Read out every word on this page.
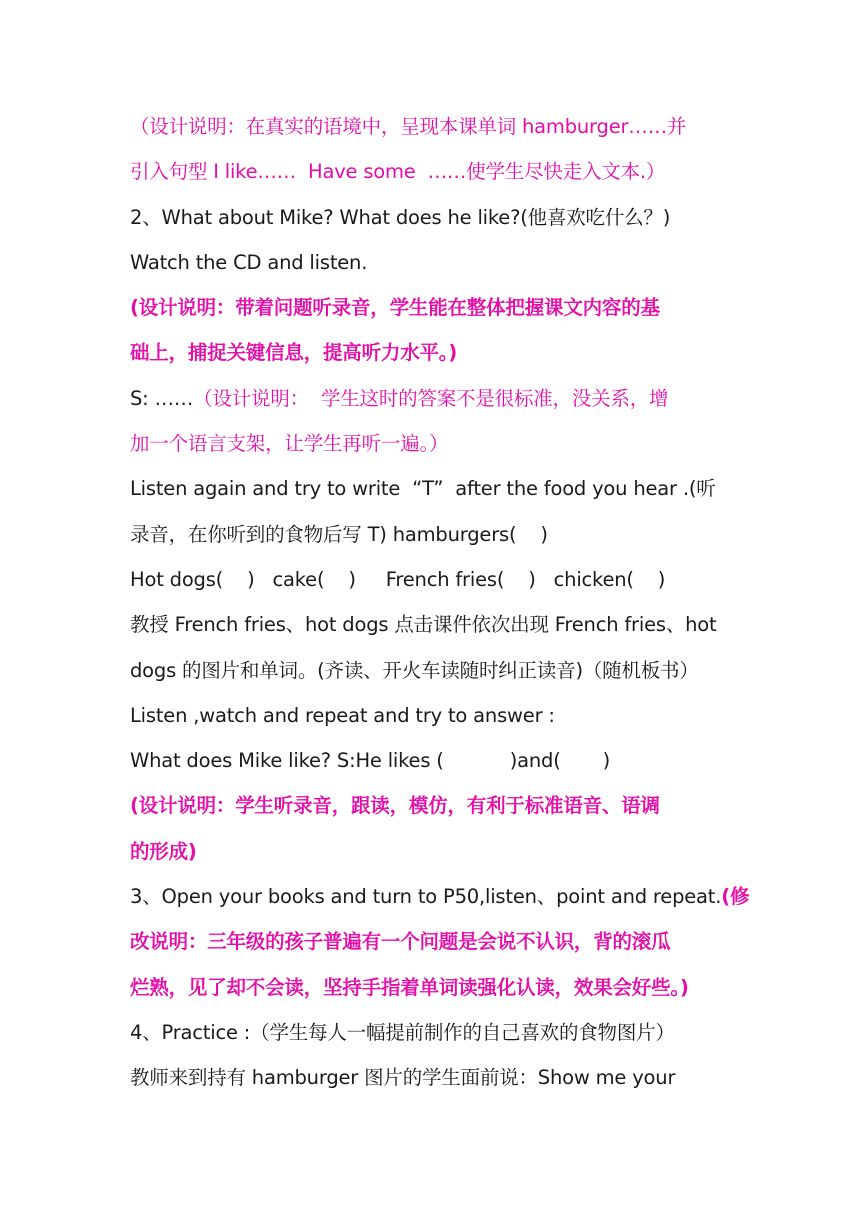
（设计说明：在真实的语境中，呈现本课单词 hamburger……并
引入句型 I like……  Have some  ……使学生尽快走入文本.）
2、What about Mike? What does he like?(他喜欢吃什么？)
Watch the CD and listen.
(设计说明：带着问题听录音，学生能在整体把握课文内容的基
础上，捕捉关键信息，提高听力水平。)
S: ……（设计说明：  学生这时的答案不是很标准，没关系，增
加一个语言支架，让学生再听一遍。）
Listen again and try to write  “T”  after the food you hear .(听
录音，在你听到的食物后写 T) hamburgers(    )
Hot dogs(    )   cake(    )     French fries(    )   chicken(    )
教授 French fries、hot dogs 点击课件依次出现 French fries、hot
dogs 的图片和单词。(齐读、开火车读随时纠正读音)（随机板书）
Listen ,watch and repeat and try to answer :
What does Mike like? S:He likes (           )and(       )
(设计说明：学生听录音，跟读，模仿，有利于标准语音、语调
的形成)
3、Open your books and turn to P50,listen、point and repeat.(修
改说明：三年级的孩子普遍有一个问题是会说不认识，背的滚瓜
烂熟，见了却不会读，坚持手指着单词读强化认读，效果会好些。)
4、Practice :（学生每人一幅提前制作的自己喜欢的食物图片）
教师来到持有 hamburger 图片的学生面前说：Show me your
